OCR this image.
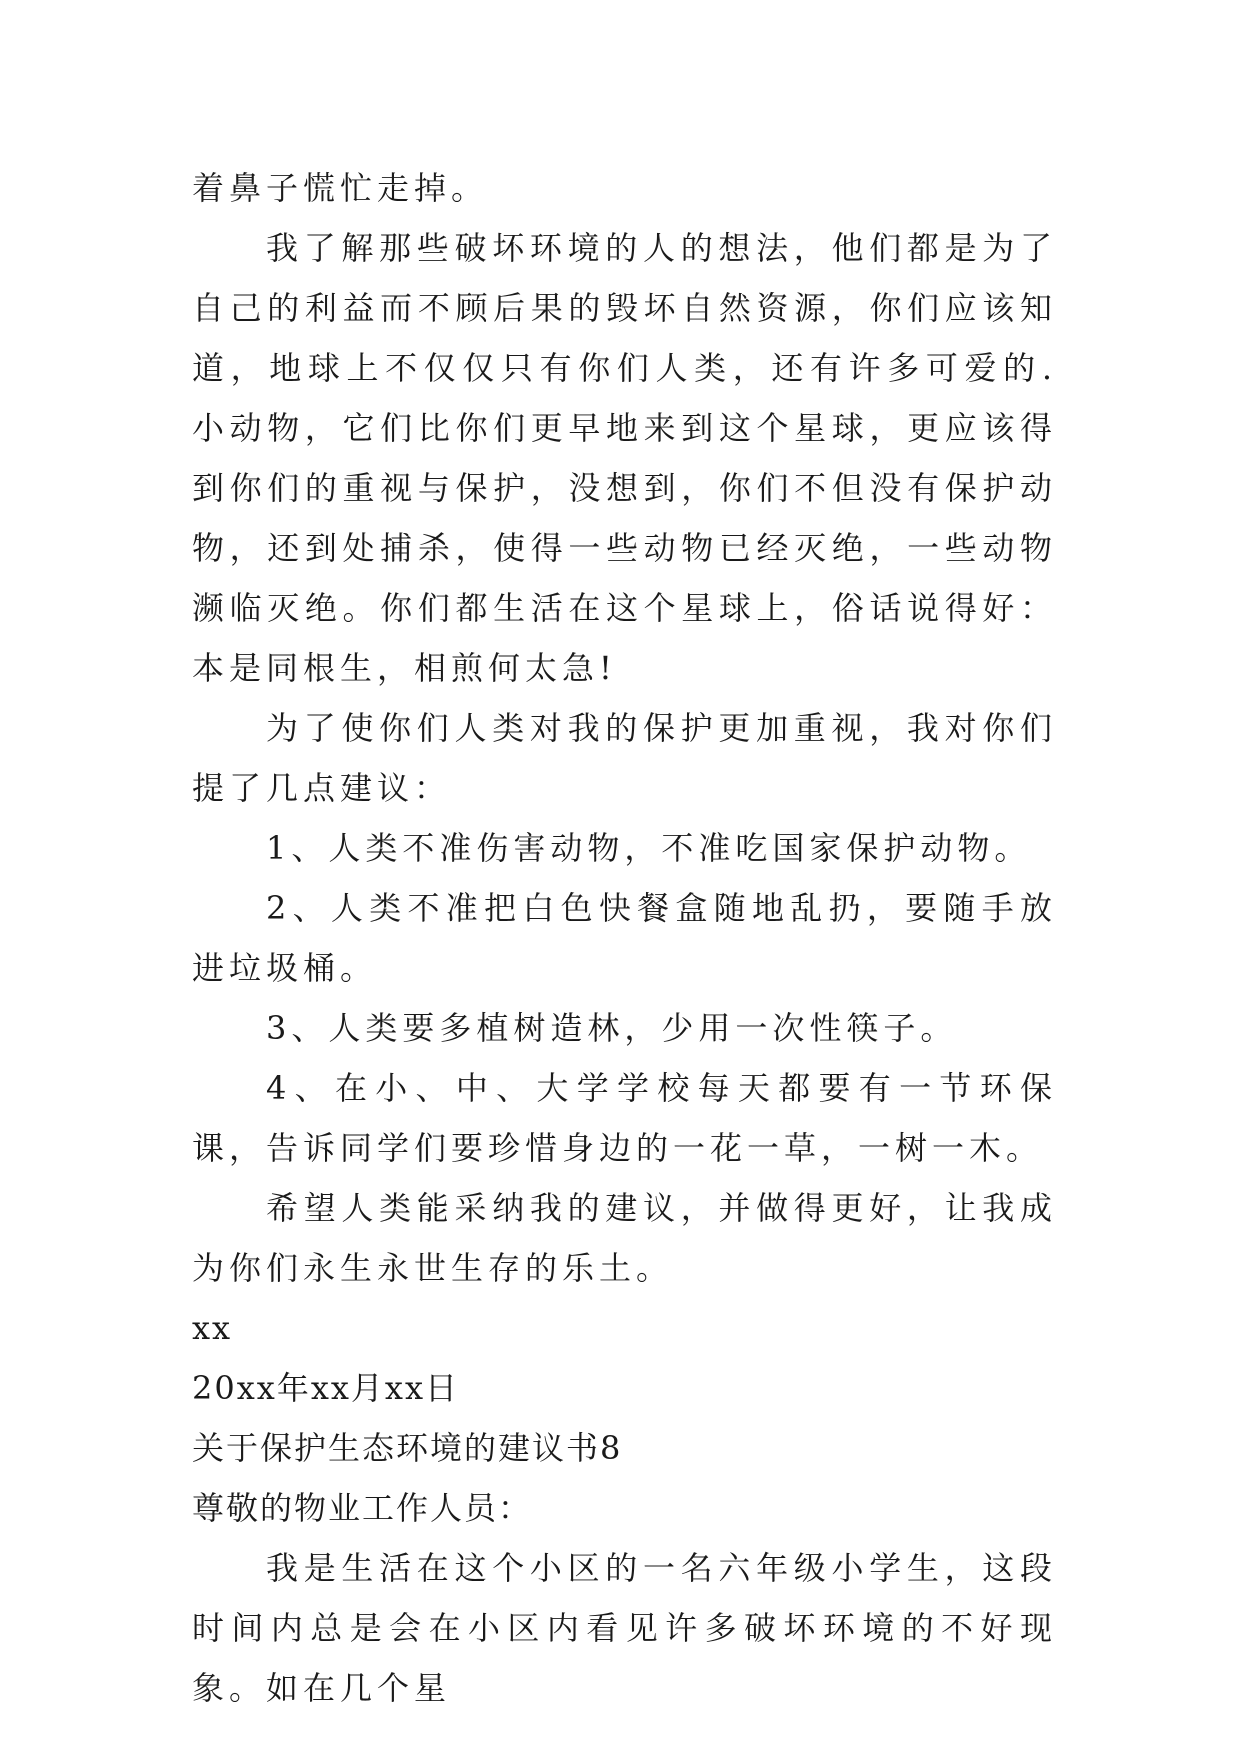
着鼻子慌忙走掉。

我了解那些破坏环境的人的想法，他们都是为了自己的利益而不顾后果的毁坏自然资源，你们应该知道，地球上不仅仅只有你们人类，还有许多可爱的.小动物，它们比你们更早地来到这个星球，更应该得到你们的重视与保护，没想到，你们不但没有保护动物，还到处捕杀，使得一些动物已经灭绝，一些动物濒临灭绝。你们都生活在这个星球上，俗话说得好：本是同根生，相煎何太急!

为了使你们人类对我的保护更加重视，我对你们提了几点建议：

1、人类不准伤害动物，不准吃国家保护动物。

2、人类不准把白色快餐盒随地乱扔，要随手放进垃圾桶。

3、人类要多植树造林，少用一次性筷子。

4、在小、中、大学学校每天都要有一节环保课，告诉同学们要珍惜身边的一花一草，一树一木。

希望人类能采纳我的建议，并做得更好，让我成为你们永生永世生存的乐土。

xx

20xx年xx月xx日

关于保护生态环境的建议书8

尊敬的物业工作人员：

我是生活在这个小区的一名六年级小学生，这段时间内总是会在小区内看见许多破坏环境的不好现象。如在几个星
